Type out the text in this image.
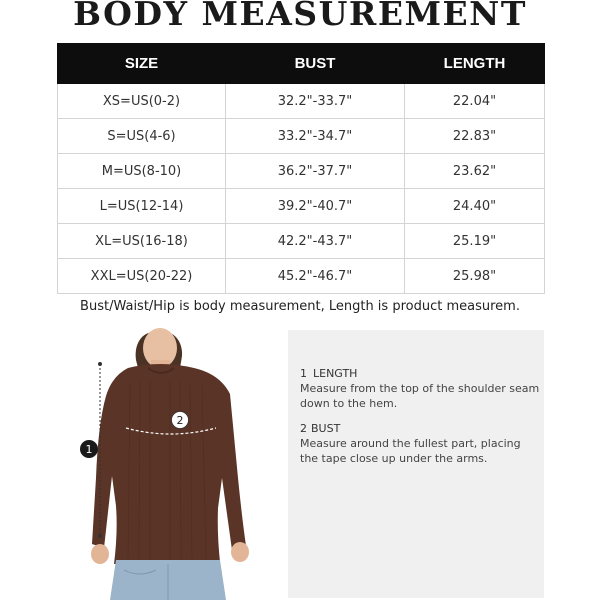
BODY MEASUREMENT
SIZE	BUST	LENGTH
XS=US(0-2)	32.2"-33.7"	22.04"
S=US(4-6)	33.2"-34.7"	22.83"
M=US(8-10)	36.2"-37.7"	23.62"
L=US(12-14)	39.2"-40.7"	24.40"
XL=US(16-18)	42.2"-43.7"	25.19"
XXL=US(20-22)	45.2"-46.7"	25.98"
Bust/Waist/Hip is body measurement, Length is product measurem.
2
1
1 LENGTH
Measure from the top of the shoulder seam down to the hem.
2 BUST
Measure around the fullest part, placing the tape close up under the arms.
